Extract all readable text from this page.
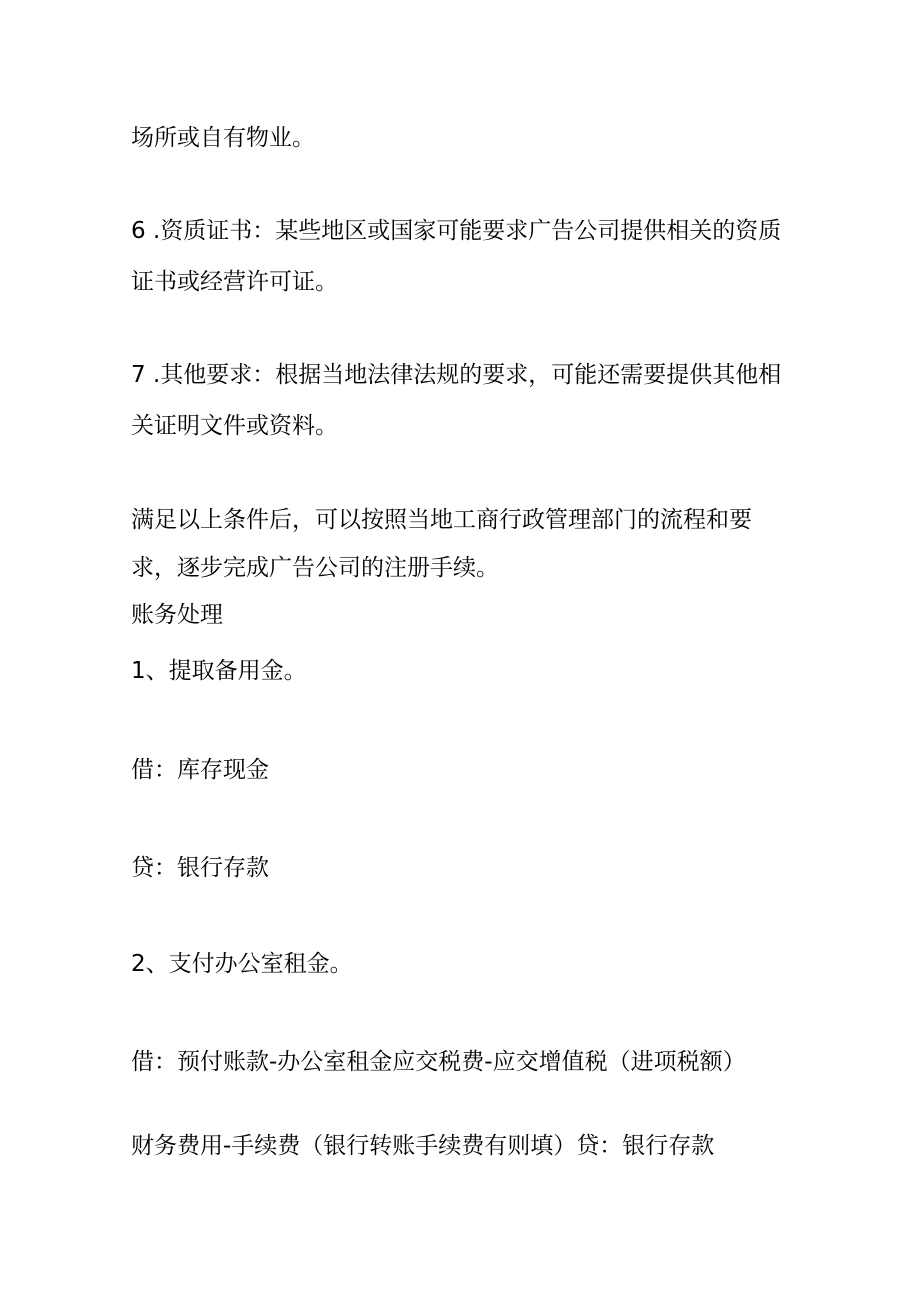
场所或自有物业。
6 .资质证书：某些地区或国家可能要求广告公司提供相关的资质
证书或经营许可证。
7 .其他要求：根据当地法律法规的要求，可能还需要提供其他相
关证明文件或资料。
满足以上条件后，可以按照当地工商行政管理部门的流程和要
求，逐步完成广告公司的注册手续。
账务处理
1、提取备用金。
借：库存现金
贷：银行存款
2、支付办公室租金。
借：预付账款-办公室租金应交税费-应交增值税（进项税额）
财务费用-手续费（银行转账手续费有则填）贷：银行存款
